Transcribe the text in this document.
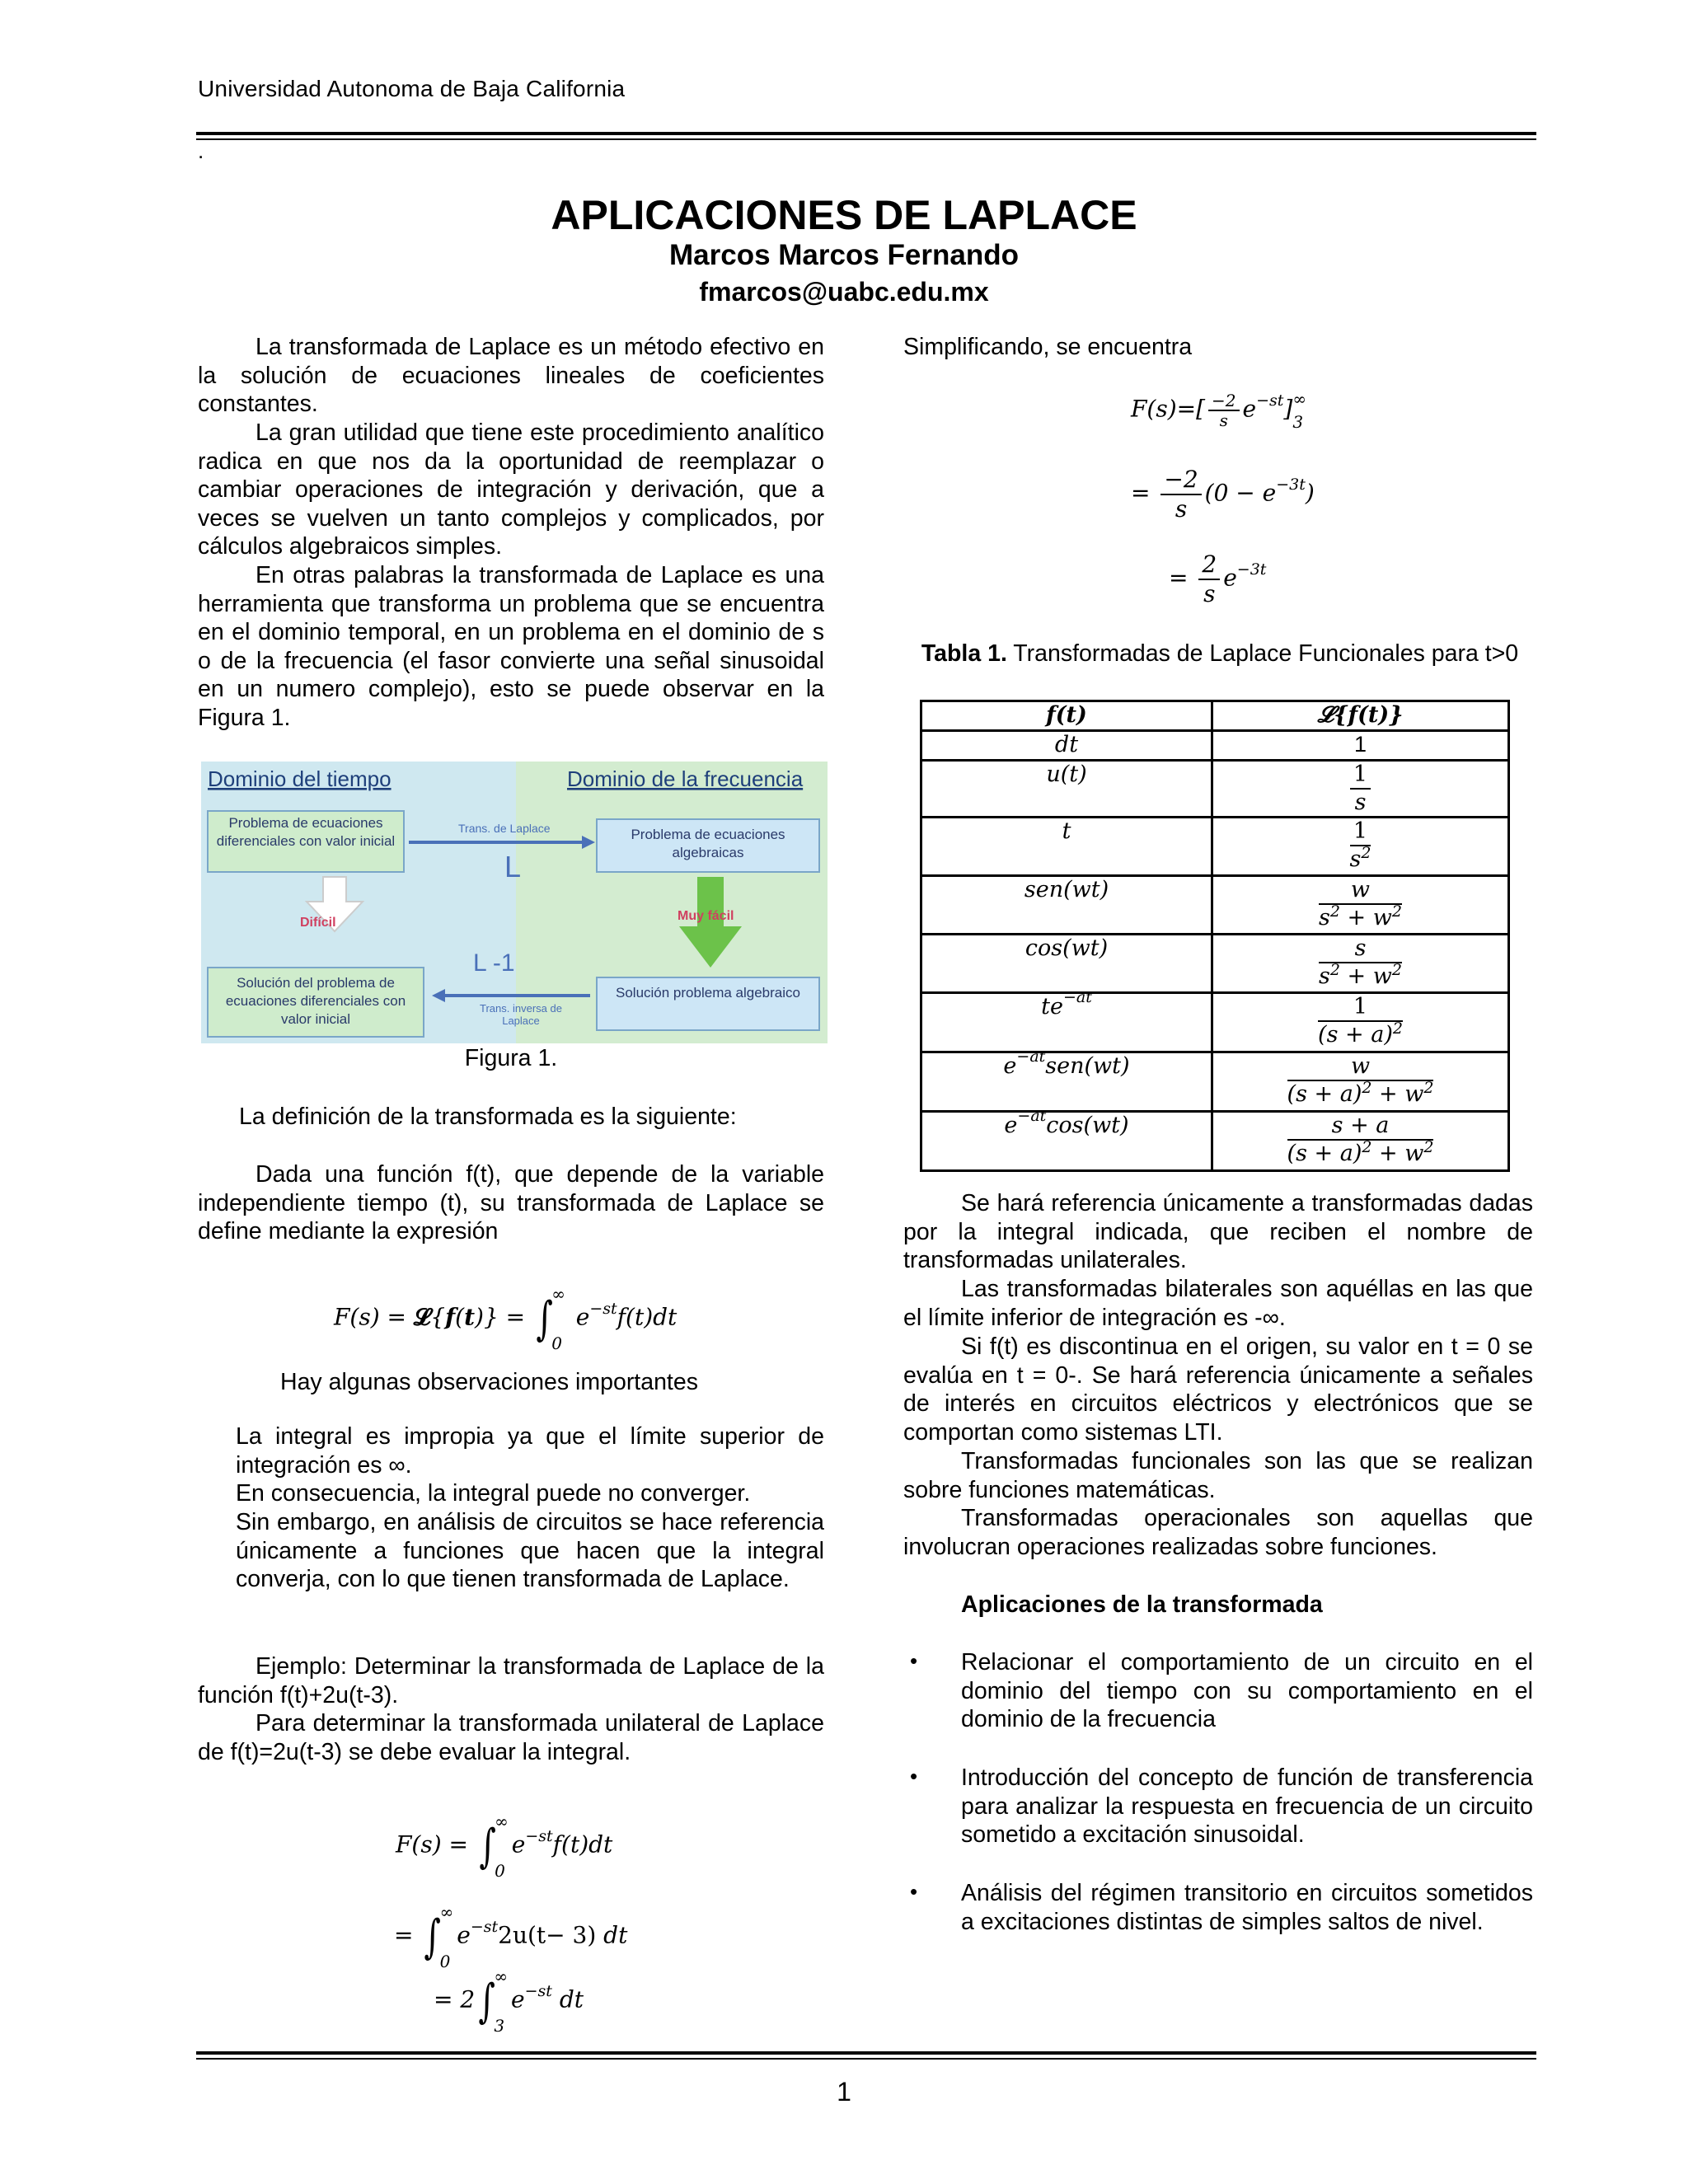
Universidad Autonoma de Baja California
.
APLICACIONES DE LAPLACE
Marcos Marcos Fernando
fmarcos@uabc.edu.mx
La transformada de Laplace es un método efectivo en la solución de ecuaciones lineales de coeficientes constantes.
La gran utilidad que tiene este procedimiento analítico radica en que nos da la oportunidad de reemplazar o cambiar operaciones de integración y derivación, que a veces se vuelven un tanto complejos y complicados, por cálculos algebraicos simples.
En otras palabras la transformada de Laplace es una herramienta que transforma un problema que se encuentra en el dominio temporal, en un problema en el dominio de s o de la frecuencia (el fasor convierte una señal sinusoidal en un numero complejo), esto se puede observar en la Figura 1.
Dominio del tiempo	Dominio de la frecuencia
Problema de ecuaciones diferenciales con valor inicial	Problema de ecuaciones algebraicas
Trans. de Laplace
L
Difícil	Muy fácil
Solución del problema de ecuaciones diferenciales con valor inicial
Solución problema algebraico
L -1
Trans. inversa de Laplace
Figura 1.
La definición de la transformada es la siguiente:
Dada una función f(t), que depende de la variable independiente tiempo (t), su transformada de Laplace se define mediante la expresión
F(s) = 𝓛{f(t)} = ∫
∞
0
$e^{-st}f(t)dt$
Hay algunas observaciones importantes
La integral es impropia ya que el límite superior de integración es ∞.
En consecuencia, la integral puede no converger.
Sin embargo, en análisis de circuitos se hace referencia únicamente a funciones que hacen que la integral converja, con lo que tienen transformada de Laplace.
Ejemplo: Determinar la transformada de Laplace de la función f(t)+2u(t-3).
Para determinar la transformada unilateral de Laplace de f(t)=2u(t-3) se debe evaluar la integral.
F(s) = ∫
∞
0
$e^{-st}f(t)dt$
= ∫
∞
0
$e^{-st}2u(t- 3)$ dt
= 2∫
∞
3
$e^{-st}$ dt
Simplificando, se encuentra
$F(s)=[ \frac{-2}{s} e^{-st}]$ ∞
3
= $\frac{-2}{s} (0 - e^{-3t})$
= $\frac{2}{s} e^{-3t}$
Tabla 1. Transformadas de Laplace Funcionales para t>0
f(t)	𝓛{f(t)}
dt	1
u(t)	$\frac{1}{s}$

t	$\frac{1}{s^2}$

sen(wt)	$\frac{w}{s^2 + w^2}$

cos(wt)	$\frac{s}{s^2 + w^2}$

$te^{-at}$	$\frac{1}{(s + a)^2}$

$e^{-at}sen(wt)$	$\frac{w}{(s + a)^2 + w^2}$

$e^{-at}\cos(wt)$	$\frac{s + a}{(s + a)^2 + w^2}$
Se hará referencia únicamente a transformadas dadas por la integral indicada, que reciben el nombre de transformadas unilaterales.
Las transformadas bilaterales son aquéllas en las que el límite inferior de integración es -∞.
Si f(t) es discontinua en el origen, su valor en t = 0 se evalúa en t = 0-. Se hará referencia únicamente a señales de interés en circuitos eléctricos y electrónicos que se comportan como sistemas LTI.
Transformadas funcionales son las que se realizan sobre funciones matemáticas.
Transformadas operacionales son aquellas que involucran operaciones realizadas sobre funciones.
Aplicaciones de la transformada
• Relacionar el comportamiento de un circuito en el dominio del tiempo con su comportamiento en el dominio de la frecuencia
• Introducción del concepto de función de transferencia para analizar la respuesta en frecuencia de un circuito sometido a excitación sinusoidal.
• Análisis del régimen transitorio en circuitos sometidos a excitaciones distintas de simples saltos de nivel.
1
